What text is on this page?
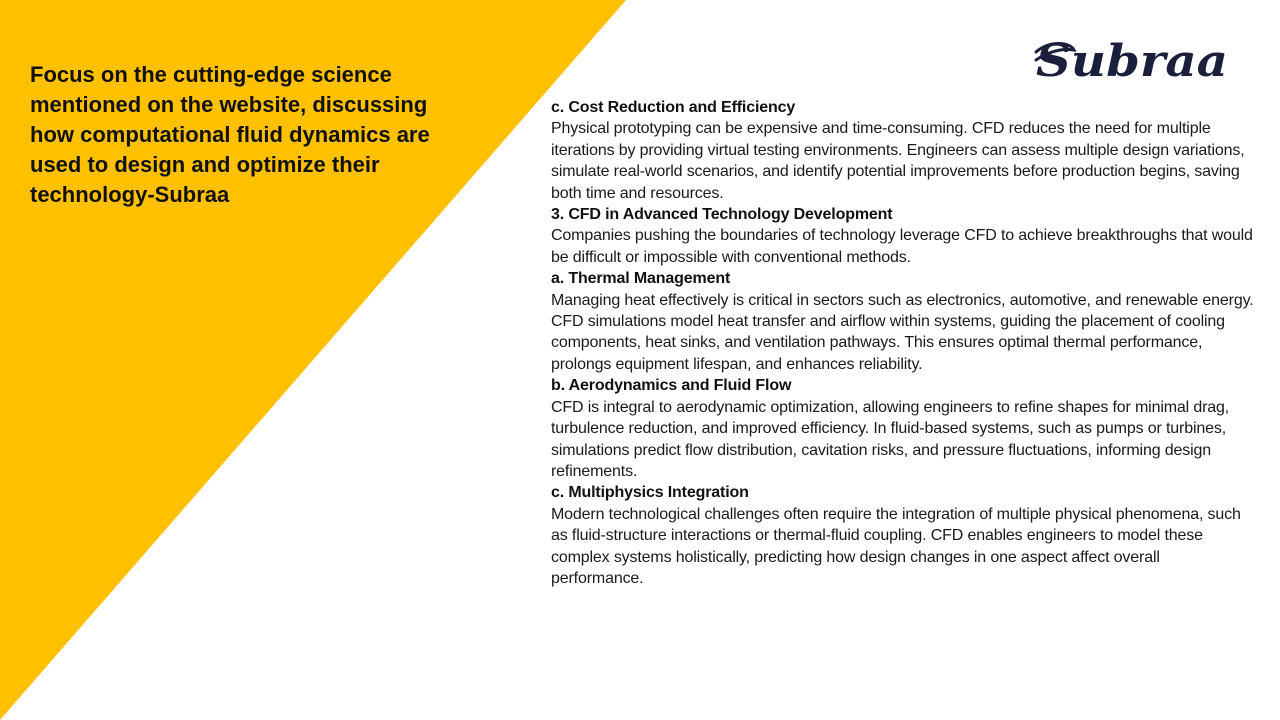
Focus on the cutting-edge science mentioned on the website, discussing how computational fluid dynamics are used to design and optimize their technology-Subraa
Subraa

c. Cost Reduction and Efficiency

Physical prototyping can be expensive and time-consuming. CFD reduces the need for multiple iterations by providing virtual testing environments. Engineers can assess multiple design variations, simulate real-world scenarios, and identify potential improvements before production begins, saving both time and resources.

3. CFD in Advanced Technology Development

Companies pushing the boundaries of technology leverage CFD to achieve breakthroughs that would be difficult or impossible with conventional methods.

a. Thermal Management

Managing heat effectively is critical in sectors such as electronics, automotive, and renewable energy. CFD simulations model heat transfer and airflow within systems, guiding the placement of cooling components, heat sinks, and ventilation pathways. This ensures optimal thermal performance, prolongs equipment lifespan, and enhances reliability.

b. Aerodynamics and Fluid Flow

CFD is integral to aerodynamic optimization, allowing engineers to refine shapes for minimal drag, turbulence reduction, and improved efficiency. In fluid-based systems, such as pumps or turbines, simulations predict flow distribution, cavitation risks, and pressure fluctuations, informing design refinements.

c. Multiphysics Integration

Modern technological challenges often require the integration of multiple physical phenomena, such as fluid-structure interactions or thermal-fluid coupling. CFD enables engineers to model these complex systems holistically, predicting how design changes in one aspect affect overall performance.
